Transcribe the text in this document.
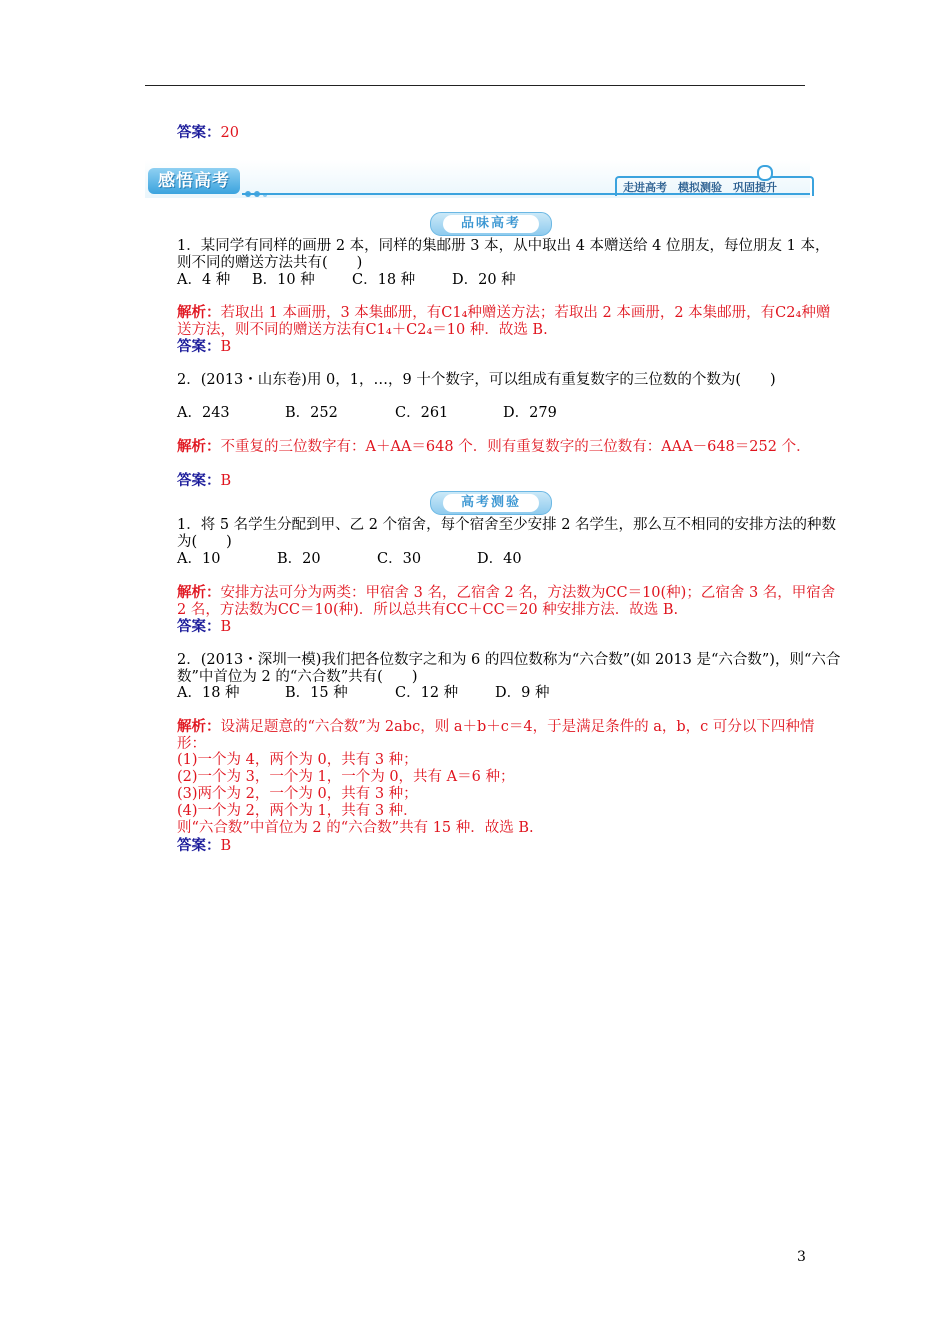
答案：20
感悟高考	走进高考　模拟测验　巩固提升
品味高考
1．某同学有同样的画册 2 本，同样的集邮册 3 本，从中取出 4 本赠送给 4 位朋友，每位朋友 1 本，则不同的赠送方法共有(　　)
A．4 种 B．10 种	C．18 种	D．20 种
解析：若取出 1 本画册，3 本集邮册，有C1₄种赠送方法；若取出 2 本画册，2 本集邮册，有C2₄种赠送方法，则不同的赠送方法有C1₄＋C2₄＝10 种．故选 B.
答案：B
2．(2013・山东卷)用 0，1，…，9 十个数字，可以组成有重复数字的三位数的个数为(　　)
A．243	B．252	C．261	D．279
解析：不重复的三位数字有：A＋AA＝648 个．则有重复数字的三位数有：AAA－648＝252 个．
答案：B
高考测验
1．将 5 名学生分配到甲、乙 2 个宿舍，每个宿舍至少安排 2 名学生，那么互不相同的安排方法的种数为(　　)
A．10	B．20	C．30	D．40
解析：安排方法可分为两类：甲宿舍 3 名，乙宿舍 2 名，方法数为CC＝10(种)；乙宿舍 3 名，甲宿舍 2 名，方法数为CC＝10(种)．所以总共有CC＋CC＝20 种安排方法．故选 B.
答案：B
2．(2013・深圳一模)我们把各位数字之和为 6 的四位数称为“六合数”(如 2013 是“六合数”)，则“六合数”中首位为 2 的“六合数”共有(　　)
A．18 种	B．15 种	C．12 种	D．9 种
解析：设满足题意的“六合数”为 2abc，则 a＋b＋c＝4，于是满足条件的 a，b，c 可分以下四种情形：
(1)一个为 4，两个为 0，共有 3 种；
(2)一个为 3，一个为 1，一个为 0，共有 A＝6 种；
(3)两个为 2，一个为 0，共有 3 种；
(4)一个为 2，两个为 1，共有 3 种．
则“六合数”中首位为 2 的“六合数”共有 15 种．故选 B.
答案：B
3
